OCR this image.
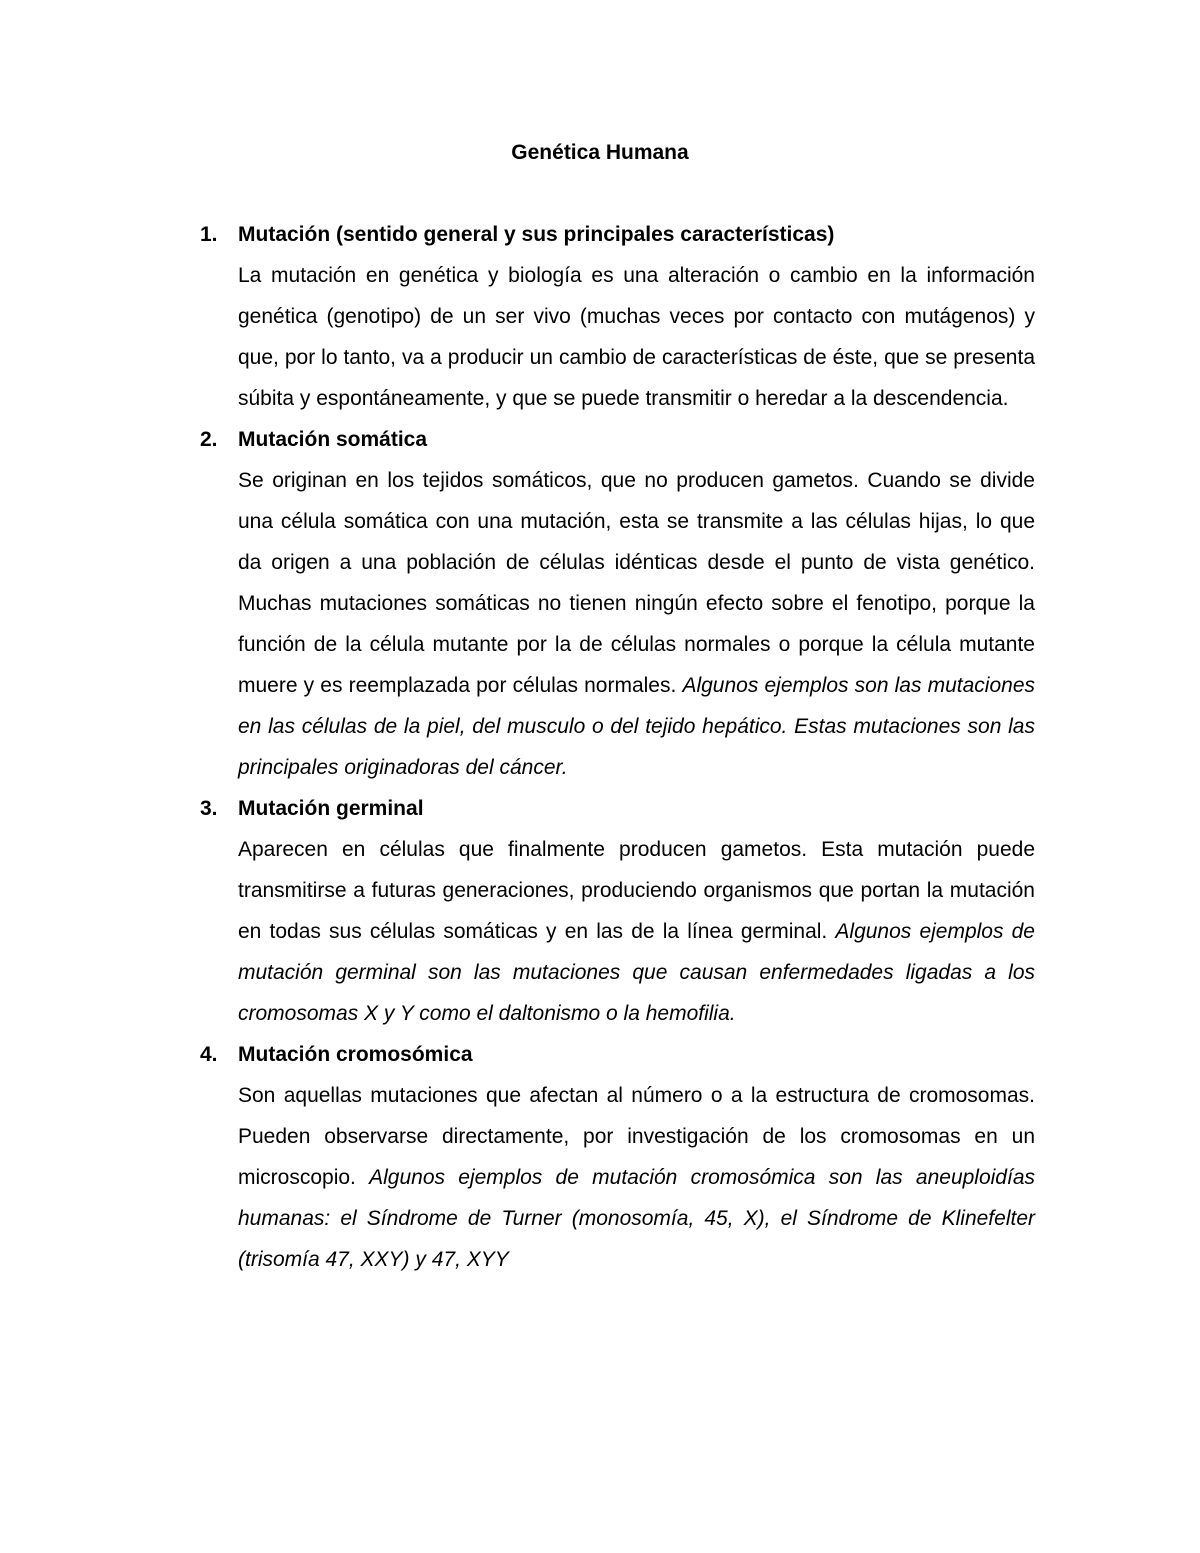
Genética Humana
1. Mutación (sentido general y sus principales características)

La mutación en genética y biología es una alteración o cambio en la información genética (genotipo) de un ser vivo (muchas veces por contacto con mutágenos) y que, por lo tanto, va a producir un cambio de características de éste, que se presenta súbita y espontáneamente, y que se puede transmitir o heredar a la descendencia.

2. Mutación somática

Se originan en los tejidos somáticos, que no producen gametos. Cuando se divide una célula somática con una mutación, esta se transmite a las células hijas, lo que da origen a una población de células idénticas desde el punto de vista genético. Muchas mutaciones somáticas no tienen ningún efecto sobre el fenotipo, porque la función de la célula mutante por la de células normales o porque la célula mutante muere y es reemplazada por células normales. Algunos ejemplos son las mutaciones en las células de la piel, del musculo o del tejido hepático. Estas mutaciones son las principales originadoras del cáncer.

3. Mutación germinal

Aparecen en células que finalmente producen gametos. Esta mutación puede transmitirse a futuras generaciones, produciendo organismos que portan la mutación en todas sus células somáticas y en las de la línea germinal. Algunos ejemplos de mutación germinal son las mutaciones que causan enfermedades ligadas a los cromosomas X y Y como el daltonismo o la hemofilia.

4. Mutación cromosómica

Son aquellas mutaciones que afectan al número o a la estructura de cromosomas. Pueden observarse directamente, por investigación de los cromosomas en un microscopio. Algunos ejemplos de mutación cromosómica son las aneuploidías humanas: el Síndrome de Turner (monosomía, 45, X), el Síndrome de Klinefelter (trisomía 47, XXY) y 47, XYY
